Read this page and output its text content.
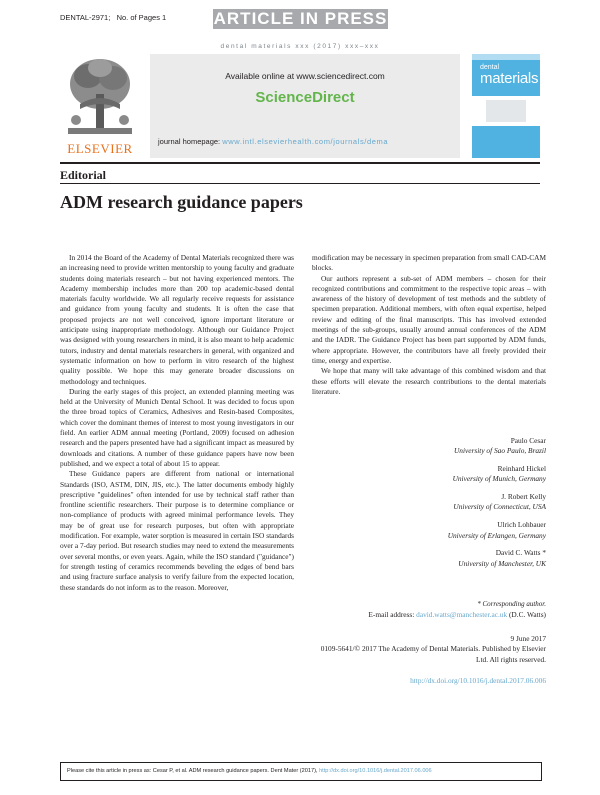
DENTAL-2971; No. of Pages 1	ARTICLE IN PRESS
dental materials xxx (2017) xxx–xxx
ELSEVIER
Available online at www.sciencedirect.com
ScienceDirect
journal homepage: www.intl.elsevierhealth.com/journals/dema
dental
materials
Editorial
ADM research guidance papers

In 2014 the Board of the Academy of Dental Materials recognized there was an increasing need to provide written mentorship to young faculty and graduate students doing materials research – but not having experienced mentors. The Academy membership includes more than 200 top academic-based dental materials faculty worldwide. We all regularly receive requests for assistance and guidance from young faculty and students. It is often the case that proposed projects are not well conceived, ignore important literature or anticipate using inappropriate methodology. Although our Guidance Project was designed with young researchers in mind, it is also meant to help academic tutors, industry and dental materials researchers in general, with organized and systematic information on how to perform in vitro research of the highest quality possible. We hope this may generate broader discussions on methodology and techniques.

During the early stages of this project, an extended planning meeting was held at the University of Munich Dental School. It was decided to focus upon the three broad topics of Ceramics, Adhesives and Resin-based Composites, which cover the dominant themes of interest to most young investigators in our field. An earlier ADM annual meeting (Portland, 2009) focused on adhesion research and the papers presented have had a significant impact as measured by downloads and citations. A number of these guidance papers have now been published, and we expect a total of about 15 to appear.

These Guidance papers are different from national or international Standards (ISO, ASTM, DIN, JIS, etc.). The latter documents embody highly prescriptive "guidelines" often intended for use by technical staff rather than frontline scientific researchers. Their purpose is to determine compliance or non-compliance of products with agreed minimal performance levels. They may be of great use for research purposes, but often with appropriate modification. For example, water sorption is measured in certain ISO standards over a 7-day period. But research studies may need to extend the measurements over several months, or even years. Again, while the ISO standard ("guidance") for strength testing of ceramics recommends beveling the edges of bend bars and using fracture surface analysis to verify failure from the expected location, these standards do not inform as to the reason. Moreover,

modification may be necessary in specimen preparation from small CAD-CAM blocks.

Our authors represent a sub-set of ADM members – chosen for their recognized contributions and commitment to the respective topic areas – with awareness of the history of development of test methods and the subtlety of specimen preparation. Additional members, with often equal expertise, helped review and editing of the final manuscripts. This has involved extended meetings of the sub-groups, usually around annual conferences of the ADM and the IADR. The Guidance Project has been part supported by ADM funds, where appropriate. However, the contributors have all freely provided their time, energy and expertise.

We hope that many will take advantage of this combined wisdom and that these efforts will elevate the research contributions to the dental materials literature.

Paulo Cesar
University of Sao Paulo, Brazil
Reinhard Hickel
University of Munich, Germany
J. Robert Kelly
University of Connecticut, USA
Ulrich Lohbauer
University of Erlangen, Germany
David C. Watts *
University of Manchester, UK
* Corresponding author.
E-mail address: david.watts@manchester.ac.uk (D.C. Watts)
9 June 2017
0109-5641/© 2017 The Academy of Dental Materials. Published by Elsevier Ltd. All rights reserved.
http://dx.doi.org/10.1016/j.dental.2017.06.006
Please cite this article in press as: Cesar P, et al. ADM research guidance papers. Dent Mater (2017), http://dx.doi.org/10.1016/j.dental.2017.06.006
